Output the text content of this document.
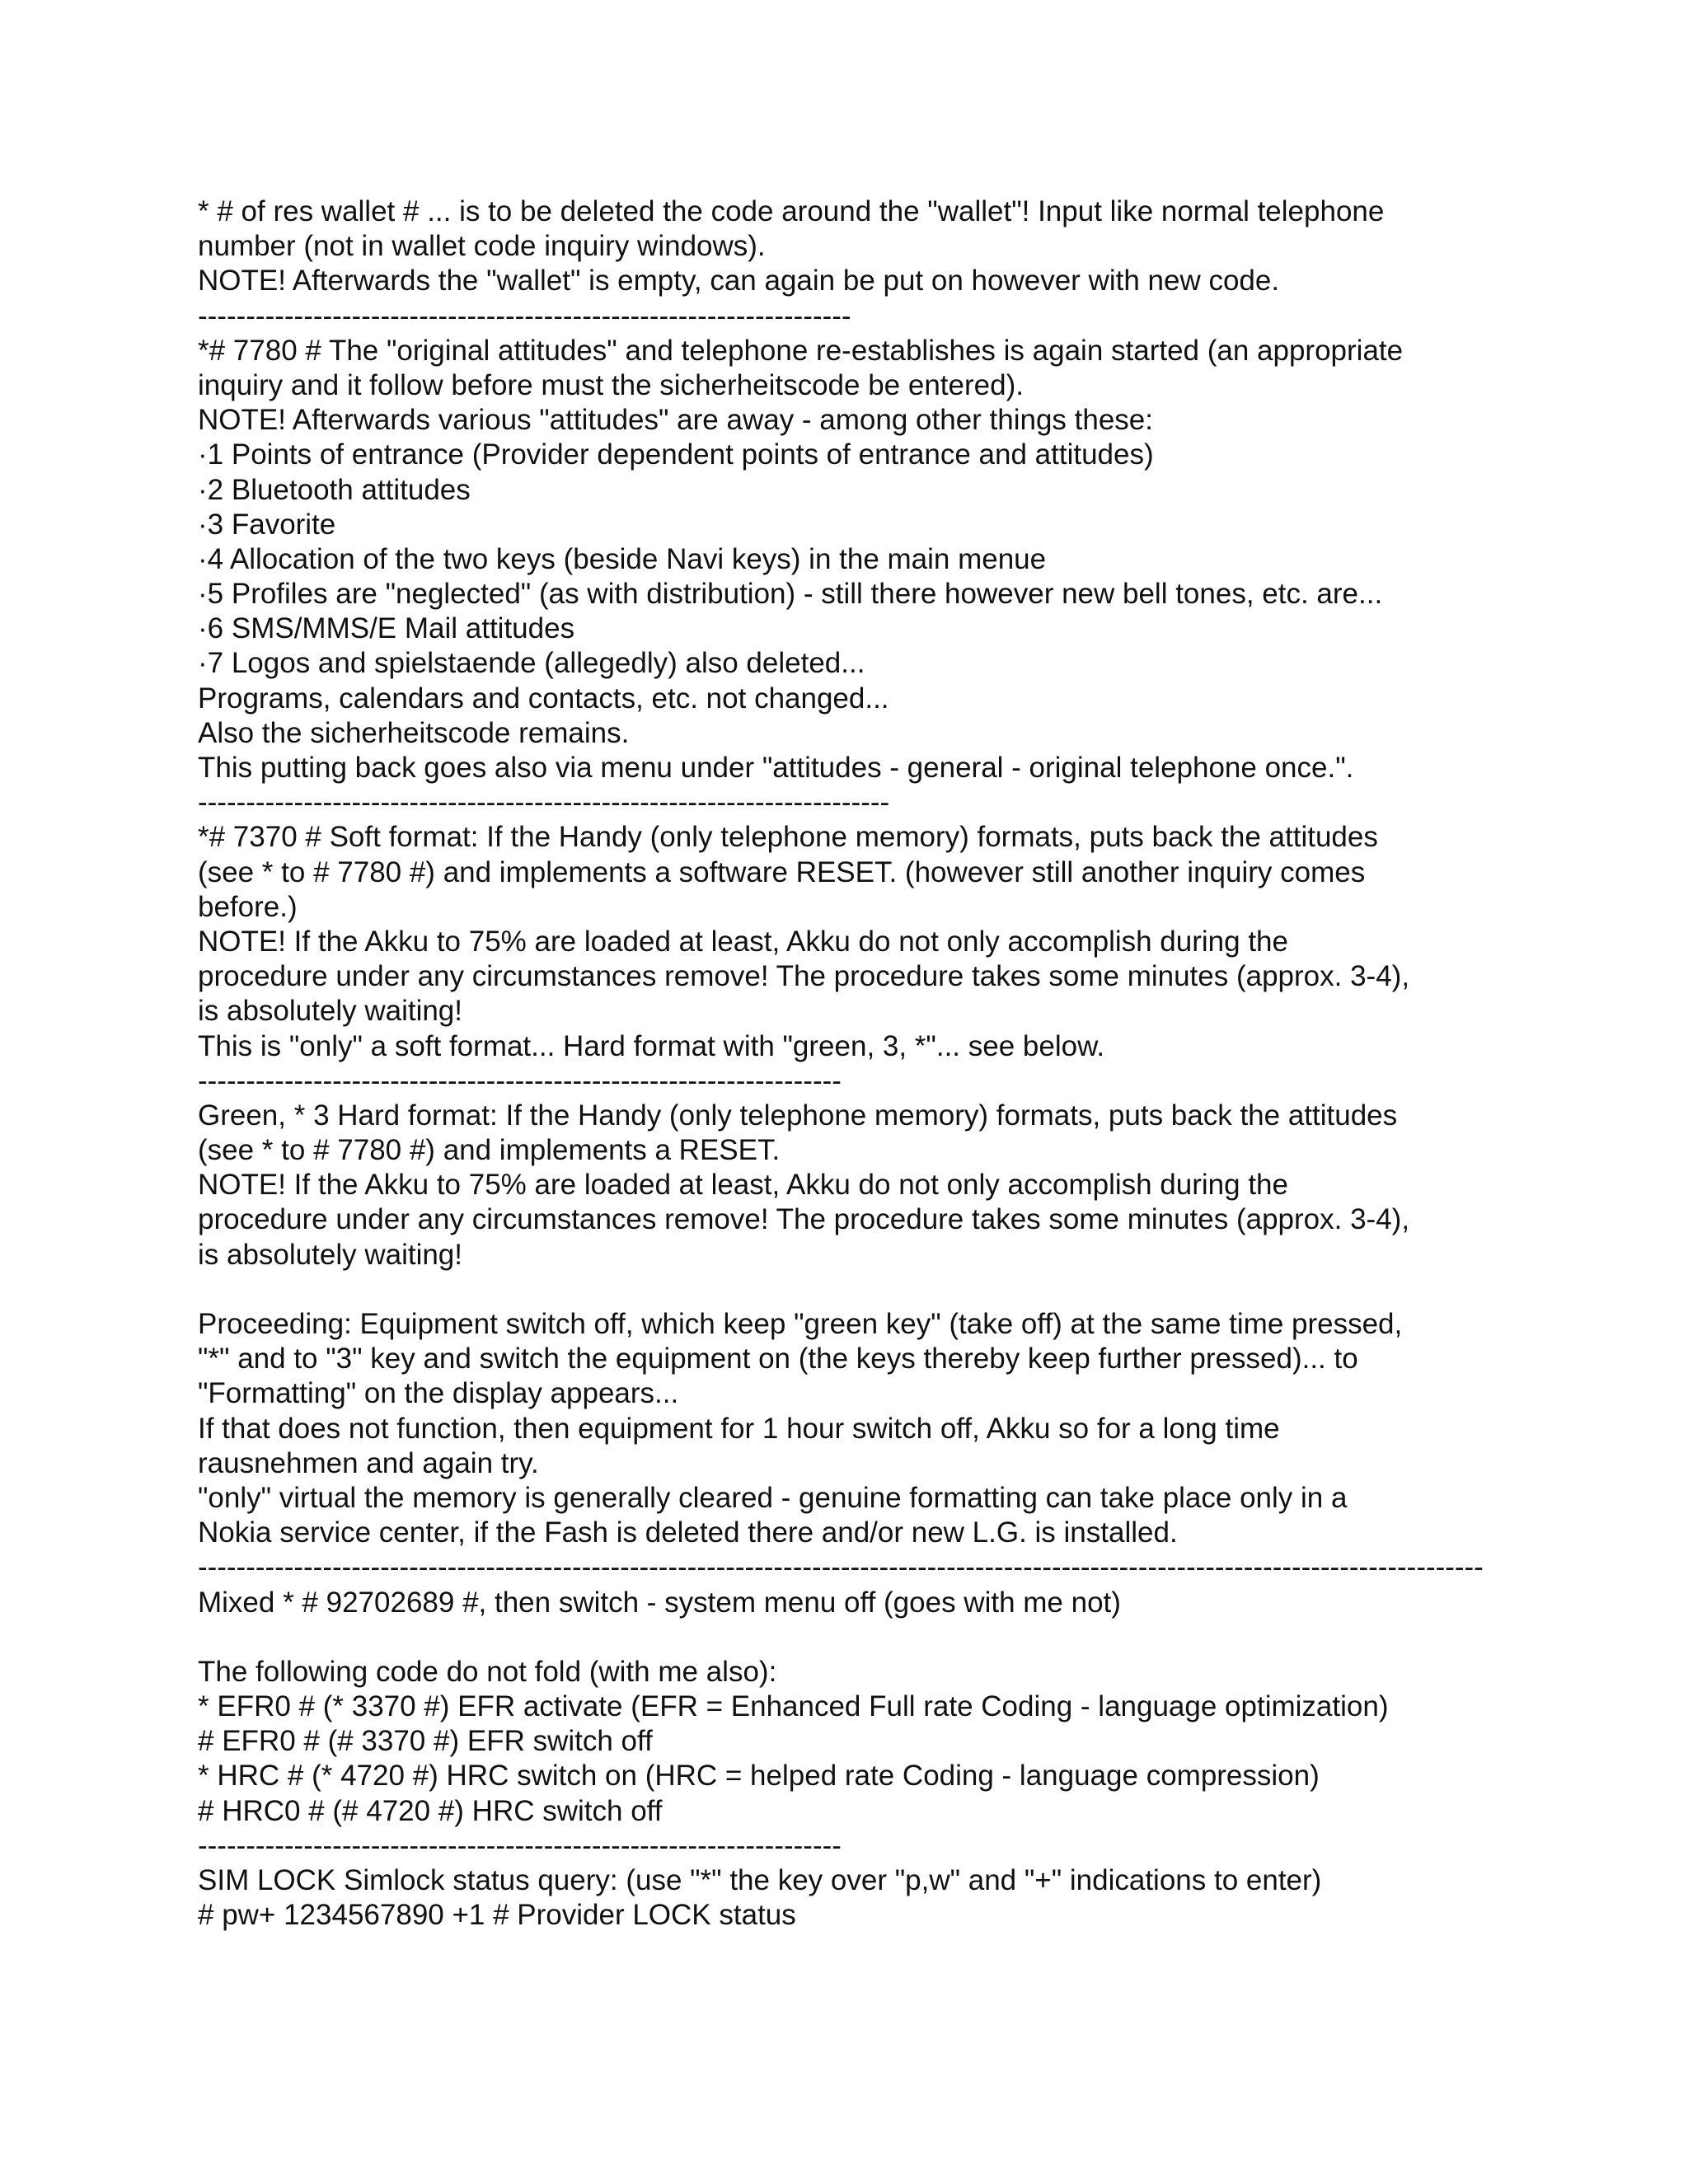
* # of res wallet # ... is to be deleted the code around the "wallet"! Input like normal telephone
number (not in wallet code inquiry windows).
NOTE! Afterwards the "wallet" is empty, can again be put on however with new code.
--------------------------------------------------------------------
*# 7780 # The "original attitudes" and telephone re-establishes is again started (an appropriate
inquiry and it follow before must the sicherheitscode be entered).
NOTE! Afterwards various "attitudes" are away - among other things these:
·1 Points of entrance (Provider dependent points of entrance and attitudes)
·2 Bluetooth attitudes
·3 Favorite
·4 Allocation of the two keys (beside Navi keys) in the main menue
·5 Profiles are "neglected" (as with distribution) - still there however new bell tones, etc. are...
·6 SMS/MMS/E Mail attitudes
·7 Logos and spielstaende (allegedly) also deleted...
Programs, calendars and contacts, etc. not changed...
Also the sicherheitscode remains.
This putting back goes also via menu under "attitudes - general - original telephone once.".
------------------------------------------------------------------------
*# 7370 # Soft format: If the Handy (only telephone memory) formats, puts back the attitudes
(see * to # 7780 #) and implements a software RESET. (however still another inquiry comes
before.)
NOTE! If the Akku to 75% are loaded at least, Akku do not only accomplish during the
procedure under any circumstances remove! The procedure takes some minutes (approx. 3-4),
is absolutely waiting!
This is "only" a soft format... Hard format with "green, 3, *"... see below.
-------------------------------------------------------------------
Green, * 3 Hard format: If the Handy (only telephone memory) formats, puts back the attitudes
(see * to # 7780 #) and implements a RESET.
NOTE! If the Akku to 75% are loaded at least, Akku do not only accomplish during the
procedure under any circumstances remove! The procedure takes some minutes (approx. 3-4),
is absolutely waiting!
Proceeding: Equipment switch off, which keep "green key" (take off) at the same time pressed,
"*" and to "3" key and switch the equipment on (the keys thereby keep further pressed)... to
"Formatting" on the display appears...
If that does not function, then equipment for 1 hour switch off, Akku so for a long time
rausnehmen and again try.
"only" virtual the memory is generally cleared - genuine formatting can take place only in a
Nokia service center, if the Fash is deleted there and/or new L.G. is installed.
--------------------------------------------------------------------------------------------------------------------------------------
Mixed * # 92702689 #, then switch - system menu off (goes with me not)
The following code do not fold (with me also):
* EFR0 # (* 3370 #) EFR activate (EFR = Enhanced Full rate Coding - language optimization)
# EFR0 # (# 3370 #) EFR switch off
* HRC # (* 4720 #) HRC switch on (HRC = helped rate Coding - language compression)
# HRC0 # (# 4720 #) HRC switch off
-------------------------------------------------------------------
SIM LOCK Simlock status query: (use "*" the key over "p,w" and "+" indications to enter)
# pw+ 1234567890 +1 # Provider LOCK status
